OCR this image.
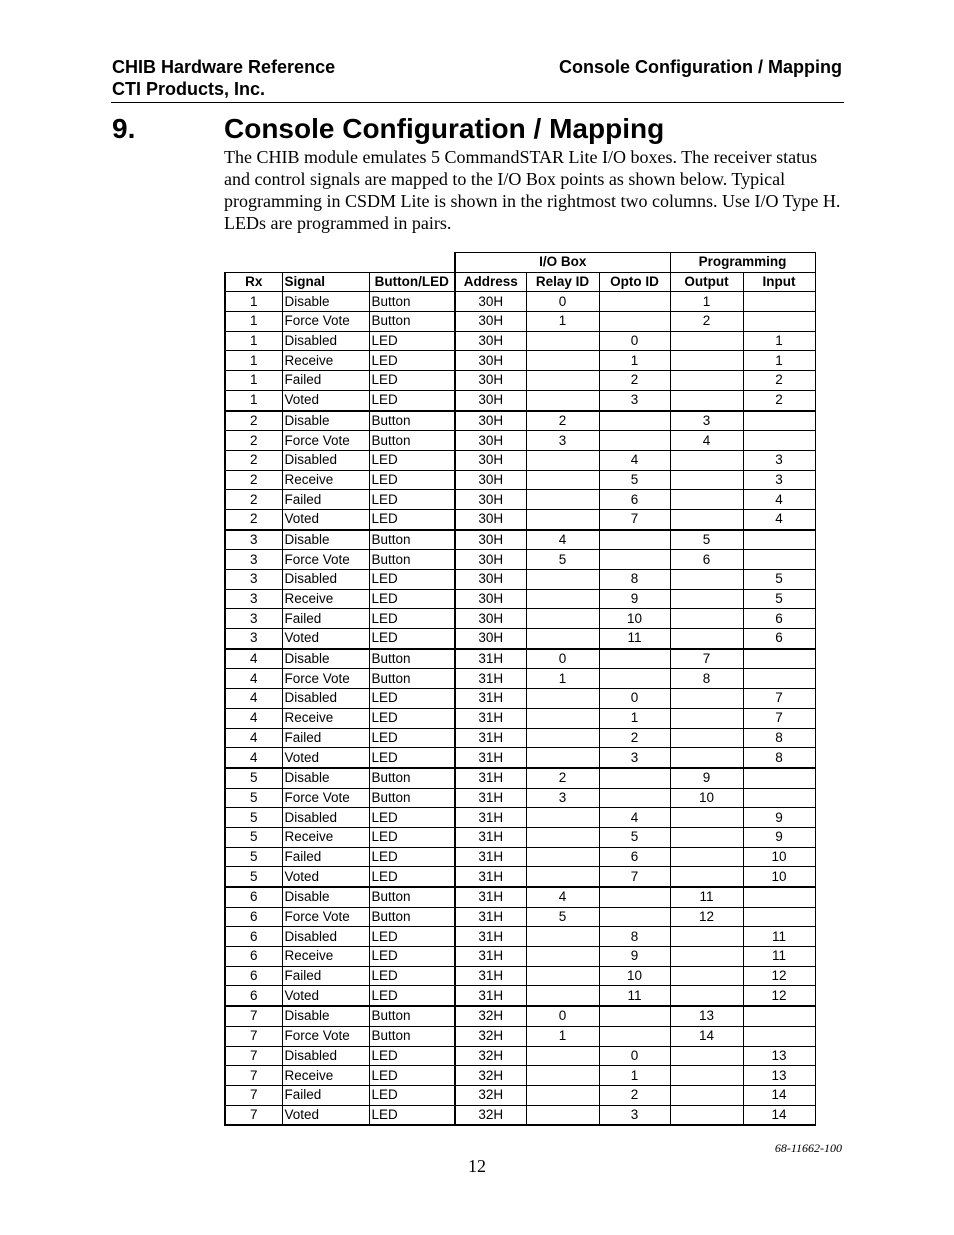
CHIB Hardware Reference
CTI Products, Inc.
Console Configuration / Mapping
9.	Console Configuration / Mapping

The CHIB module emulates 5 CommandSTAR Lite I/O boxes. The receiver status and control signals are mapped to the I/O Box points as shown below. Typical programming in CSDM Lite is shown in the rightmost two columns. Use I/O Type H. LEDs are programmed in pairs.

			I/O Box			Programming	
Rx	Signal	Button/LED	Address	Relay ID	Opto ID	Output	Input
1	Disable	Button	30H	0		1	
1	Force Vote	Button	30H	1		2	
1	Disabled	LED	30H		0		1
1	Receive	LED	30H		1		1
1	Failed	LED	30H		2		2
1	Voted	LED	30H		3		2
2	Disable	Button	30H	2		3	
2	Force Vote	Button	30H	3		4	
2	Disabled	LED	30H		4		3
2	Receive	LED	30H		5		3
2	Failed	LED	30H		6		4
2	Voted	LED	30H		7		4
3	Disable	Button	30H	4		5	
3	Force Vote	Button	30H	5		6	
3	Disabled	LED	30H		8		5
3	Receive	LED	30H		9		5
3	Failed	LED	30H		10		6
3	Voted	LED	30H		11		6
4	Disable	Button	31H	0		7	
4	Force Vote	Button	31H	1		8	
4	Disabled	LED	31H		0		7
4	Receive	LED	31H		1		7
4	Failed	LED	31H		2		8
4	Voted	LED	31H		3		8
5	Disable	Button	31H	2		9	
5	Force Vote	Button	31H	3		10	
5	Disabled	LED	31H		4		9
5	Receive	LED	31H		5		9
5	Failed	LED	31H		6		10
5	Voted	LED	31H		7		10
6	Disable	Button	31H	4		11	
6	Force Vote	Button	31H	5		12	
6	Disabled	LED	31H		8		11
6	Receive	LED	31H		9		11
6	Failed	LED	31H		10		12
6	Voted	LED	31H		11		12
7	Disable	Button	32H	0		13	
7	Force Vote	Button	32H	1		14	
7	Disabled	LED	32H		0		13
7	Receive	LED	32H		1		13
7	Failed	LED	32H		2		14
7	Voted	LED	32H		3		14
68-11662-100
12
